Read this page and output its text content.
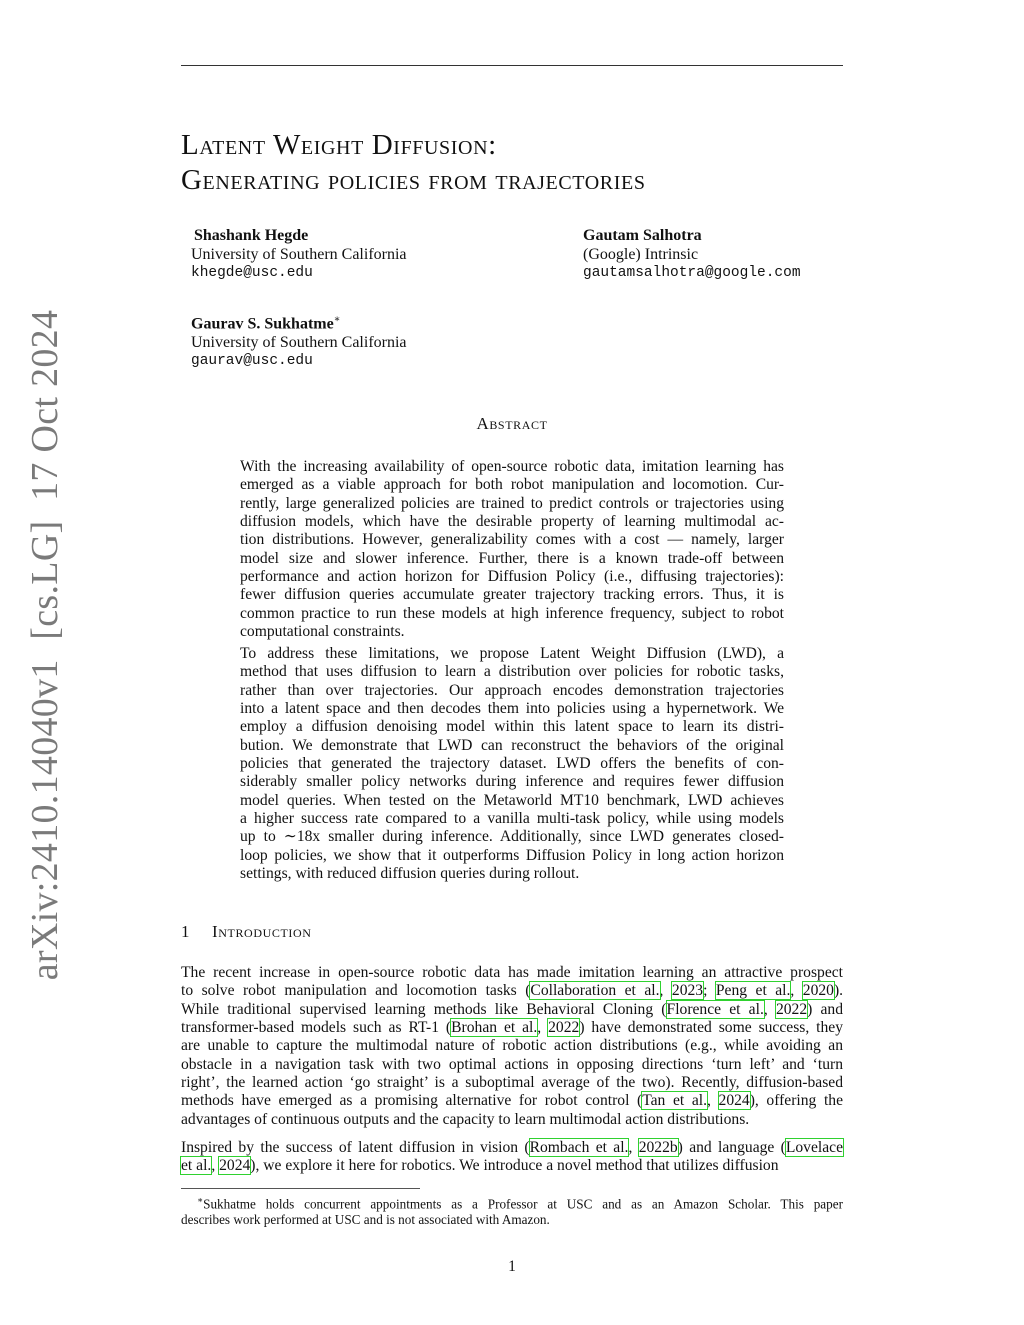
arXiv:2410.14040v1  [cs.LG]  17 Oct 2024
Latent Weight Diffusion:
Generating policies from trajectories
Shashank Hegde
University of Southern California
khegde@usc.edu
Gautam Salhotra
(Google) Intrinsic
gautamsalhotra@google.com
Gaurav S. Sukhatme∗
University of Southern California
gaurav@usc.edu
Abstract
With the increasing availability of open-source robotic data, imitation learning has
emerged as a viable approach for both robot manipulation and locomotion. Cur-
rently, large generalized policies are trained to predict controls or trajectories using
diffusion models, which have the desirable property of learning multimodal ac-
tion distributions. However, generalizability comes with a cost — namely, larger
model size and slower inference. Further, there is a known trade-off between
performance and action horizon for Diffusion Policy (i.e., diffusing trajectories):
fewer diffusion queries accumulate greater trajectory tracking errors. Thus, it is
common practice to run these models at high inference frequency, subject to robot
computational constraints.
To address these limitations, we propose Latent Weight Diffusion (LWD), a
method that uses diffusion to learn a distribution over policies for robotic tasks,
rather than over trajectories. Our approach encodes demonstration trajectories
into a latent space and then decodes them into policies using a hypernetwork. We
employ a diffusion denoising model within this latent space to learn its distri-
bution. We demonstrate that LWD can reconstruct the behaviors of the original
policies that generated the trajectory dataset. LWD offers the benefits of con-
siderably smaller policy networks during inference and requires fewer diffusion
model queries. When tested on the Metaworld MT10 benchmark, LWD achieves
a higher success rate compared to a vanilla multi-task policy, while using models
up to ∼18x smaller during inference. Additionally, since LWD generates closed-
loop policies, we show that it outperforms Diffusion Policy in long action horizon
settings, with reduced diffusion queries during rollout.
1 Introduction
The recent increase in open-source robotic data has made imitation learning an attractive prospect
to solve robot manipulation and locomotion tasks (Collaboration et al., 2023; Peng et al., 2020).
While traditional supervised learning methods like Behavioral Cloning (Florence et al., 2022) and
transformer-based models such as RT-1 (Brohan et al., 2022) have demonstrated some success, they
are unable to capture the multimodal nature of robotic action distributions (e.g., while avoiding an
obstacle in a navigation task with two optimal actions in opposing directions ‘turn left’ and ‘turn
right’, the learned action ‘go straight’ is a suboptimal average of the two). Recently, diffusion-based
methods have emerged as a promising alternative for robot control (Tan et al., 2024), offering the
advantages of continuous outputs and the capacity to learn multimodal action distributions.
Inspired by the success of latent diffusion in vision (Rombach et al., 2022b) and language (Lovelace
et al., 2024), we explore it here for robotics. We introduce a novel method that utilizes diffusion
∗Sukhatme holds concurrent appointments as a Professor at USC and as an Amazon Scholar. This paper
describes work performed at USC and is not associated with Amazon.
1
